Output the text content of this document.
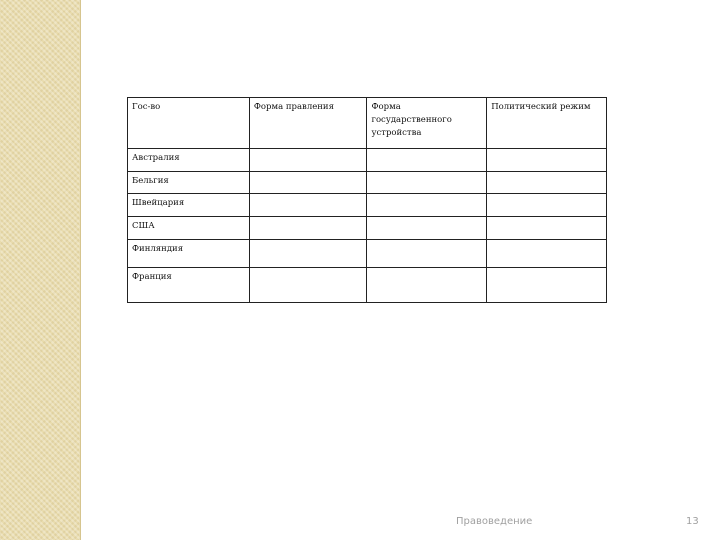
Гос-во	Форма правления	Форма государственного устройства	Политический режим
Австралия			
Бельгия			
Швейцария			
США			
Финляндия			
Франция			
Правоведение	13
